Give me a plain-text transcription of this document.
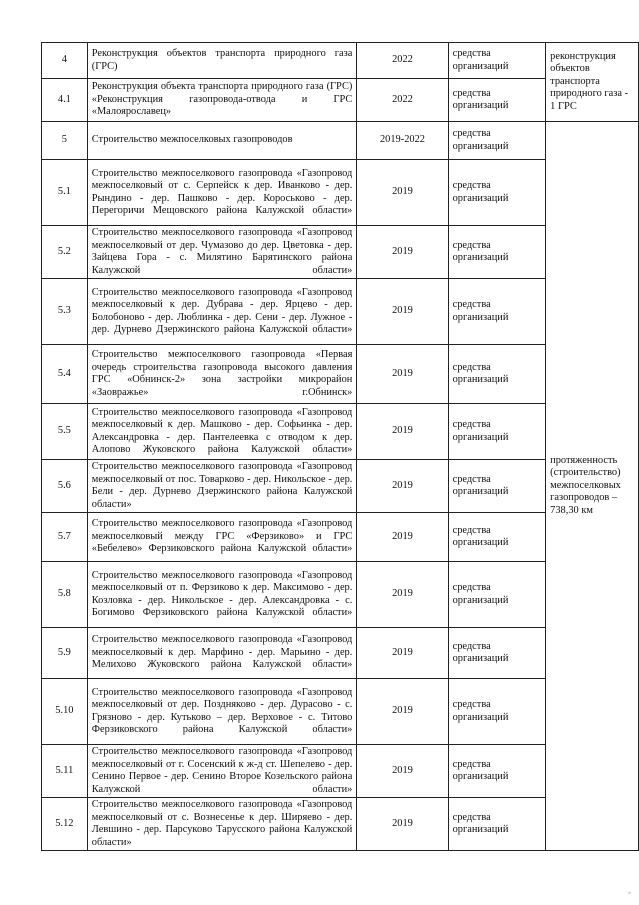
4	Реконструкция объектов транспорта природного газа (ГРС)	2022	средства организаций	реконструкция объектов транспорта природного газа - 1 ГРС
4.1	Реконструкция объекта транспорта природного газа (ГРС) «Реконструкция газопровода-отвода и ГРС «Малоярославец»	2022	средства организаций	
5	Строительство межпоселковых газопроводов	2019-2022	средства организаций	протяженность (строительство) межпоселковых газопроводов – 738,30 км
5.1	Строительство межпоселкового газопровода «Газопровод межпоселковый от с. Серпейск к дер. Иванково - дер. Рындино - дер. Пашково - дер. Короськово - дер. Перегоричи Мещовского района Калужской области»	2019	средства организаций	
5.2	Строительство межпоселкового газопровода «Газопровод межпоселковый от дер. Чумазово до дер. Цветовка - дер. Зайцева Гора - с. Милятино Барятинского района Калужской области»	2019	средства организаций	
5.3	Строительство межпоселкового газопровода «Газопровод межпоселковый к дер. Дубрава - дер. Ярцево - дер. Болобоново - дер. Люблинка - дер. Сени - дер. Лужное - дер. Дурнево Дзержинского района Калужской области»	2019	средства организаций	
5.4	Строительство межпоселкового газопровода «Первая очередь строительства газопровода высокого давления ГРС «Обнинск-2» зона застройки микрорайон «Заовражье» г.Обнинск»	2019	средства организаций	
5.5	Строительство межпоселкового газопровода «Газопровод межпоселковый к дер. Машково - дер. Софьинка - дер. Александровка - дер. Пантелеевка с отводом к дер. Алопово Жуковского района Калужской области»	2019	средства организаций	
5.6	Строительство межпоселкового газопровода «Газопровод межпоселковый от пос. Товарково - дер. Никольское - дер. Бели - дер. Дурнево Дзержинского района Калужской области»	2019	средства организаций	
5.7	Строительство межпоселкового газопровода «Газопровод межпоселковый между ГРС «Ферзиково» и ГРС «Бебелево» Ферзиковского района Калужской области»	2019	средства организаций	
5.8	Строительство межпоселкового газопровода «Газопровод межпоселковый от п. Ферзиково к дер. Максимово - дер. Козловка - дер. Никольское - дер. Александровка - с. Богимово Ферзиковского района Калужской области»	2019	средства организаций	
5.9	Строительство межпоселкового газопровода «Газопровод межпоселковый к дер. Марфино - дер. Марьино - дер. Мелихово Жуковского района Калужской области»	2019	средства организаций	
5.10	Строительство межпоселкового газопровода «Газопровод межпоселковый от дер. Поздняково - дер. Дурасово - с. Грязново - дер. Кутьково – дер. Верховое - с. Титово Ферзиковского района Калужской области»	2019	средства организаций	
5.11	Строительство межпоселкового газопровода «Газопровод межпоселковый от г. Сосенский к ж-д ст. Шепелево - дер. Сенино Первое - дер. Сенино Второе Козельского района Калужской области»	2019	средства организаций	
5.12	Строительство межпоселкового газопровода «Газопровод межпоселковый от с. Вознесенье к дер. Ширяево - дер. Левшино - дер. Парсуково Тарусского района Калужской области»	2019	средства организаций	
»
